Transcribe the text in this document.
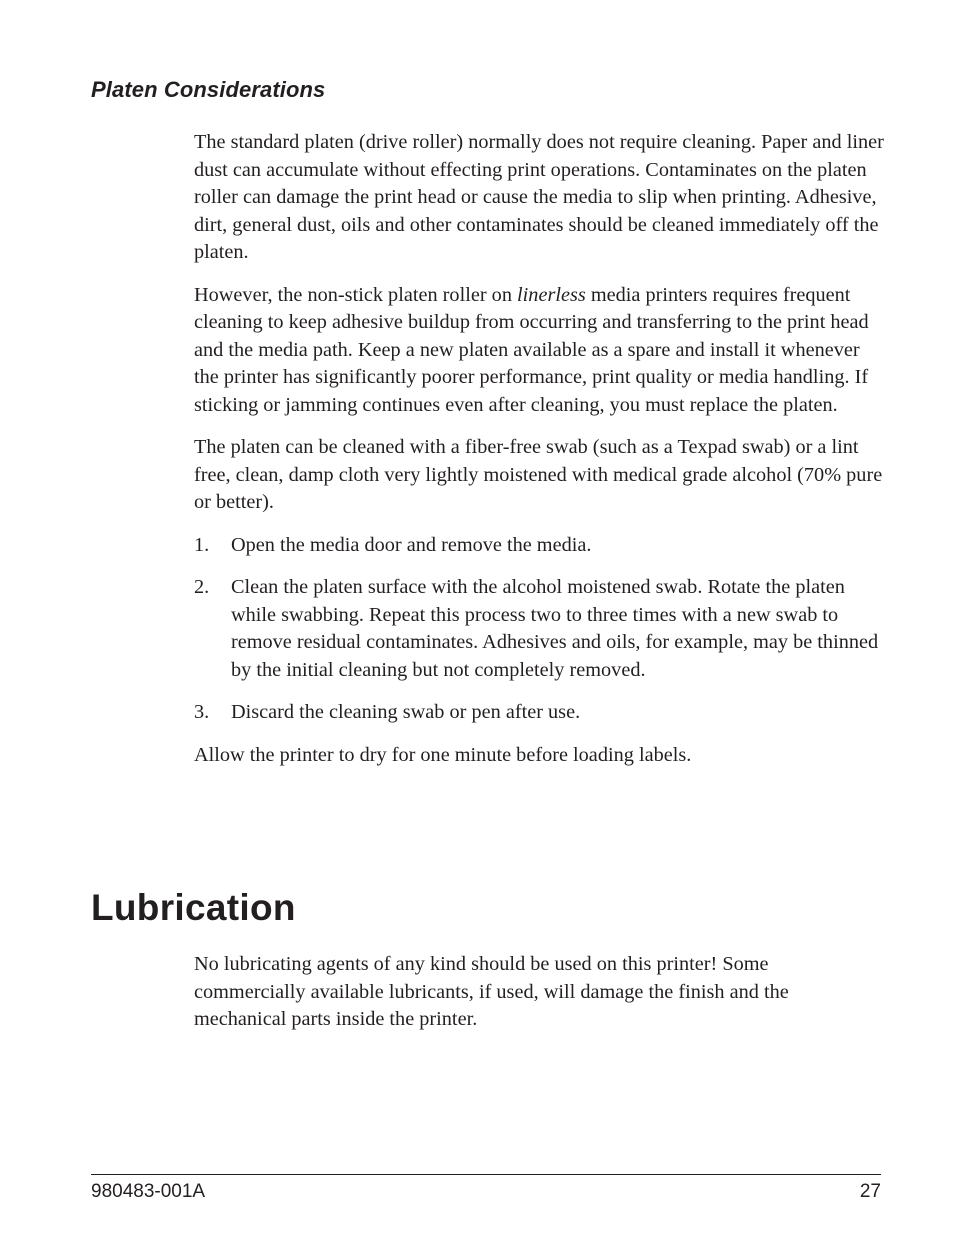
Platen Considerations

The standard platen (drive roller) normally does not require cleaning. Paper and liner dust can accumulate without effecting print operations. Contaminates on the platen roller can damage the print head or cause the media to slip when printing. Adhesive, dirt, general dust, oils and other contaminates should be cleaned immediately off the platen.

However, the non-stick platen roller on linerless media printers requires frequent cleaning to keep adhesive buildup from occurring and transferring to the print head and the media path. Keep a new platen available as a spare and install it whenever the printer has significantly poorer performance, print quality or media handling. If sticking or jamming continues even after cleaning, you must replace the platen.

The platen can be cleaned with a fiber-free swab (such as a Texpad swab) or a lint free, clean, damp cloth very lightly moistened with medical grade alcohol (70% pure or better).

1. Open the media door and remove the media.
2. Clean the platen surface with the alcohol moistened swab. Rotate the platen while swabbing. Repeat this process two to three times with a new swab to remove residual contaminates. Adhesives and oils, for example, may be thinned by the initial cleaning but not completely removed.
3. Discard the cleaning swab or pen after use.

Allow the printer to dry for one minute before loading labels.

Lubrication

No lubricating agents of any kind should be used on this printer! Some commercially available lubricants, if used, will damage the finish and the mechanical parts inside the printer.

980483-001A	27
